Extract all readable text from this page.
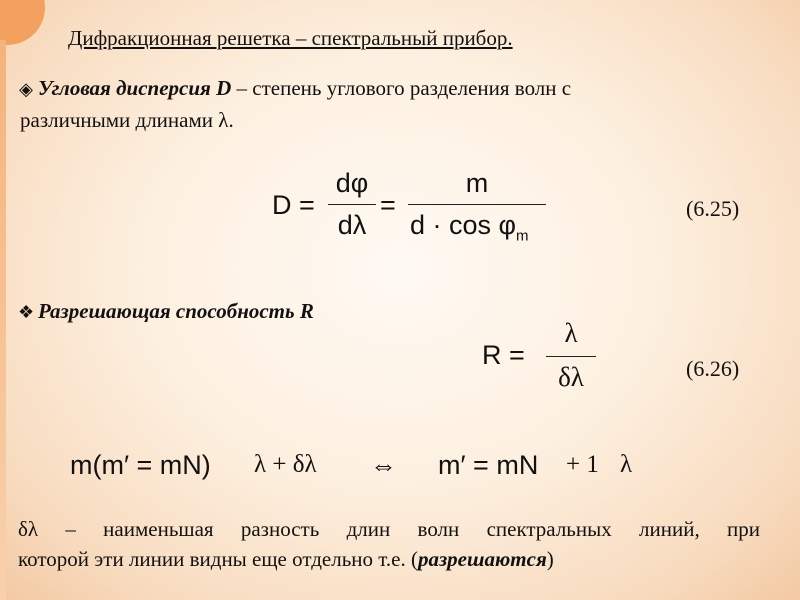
Дифракционная решетка – спектральный прибор.
◈ Угловая дисперсия D – степень углового разделения волн с
различными длинами λ.
D =
dφ
dλ
=
m
$d \cdot \cos \varphi_m$
(6.25)
❖ Разрешающая способность R
R =
λ
δλ	(6.26)
m(m′ = mN) λ + δλ ⇔ m′ = mN + 1 λ
δλ – наименьшая разность длин волн спектральных линий, при
которой эти линии видны еще отдельно т.е. (разрешаются)
